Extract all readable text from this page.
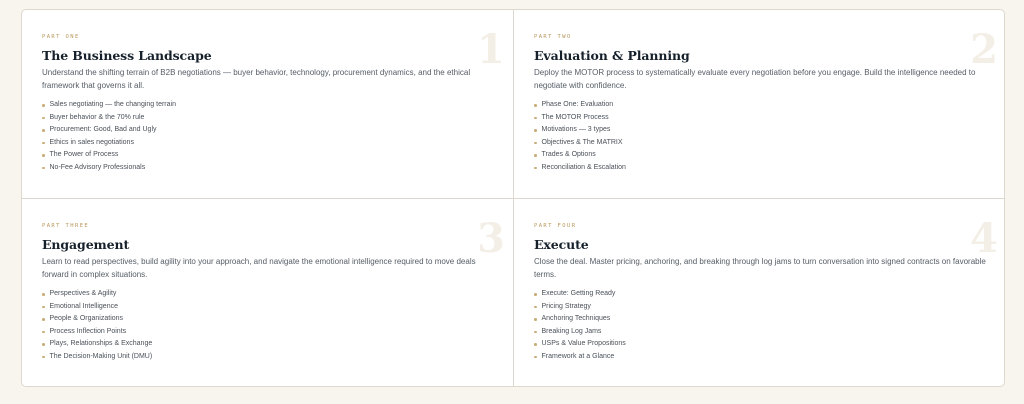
1
PART ONE
The Business Landscape
Understand the shifting terrain of B2B negotiations — buyer behavior, technology, procurement dynamics, and the ethical framework that governs it all.
Sales negotiating — the changing terrain
Buyer behavior & the 70% rule
Procurement: Good, Bad and Ugly
Ethics in sales negotiations
The Power of Process
No-Fee Advisory Professionals
2
PART TWO
Evaluation & Planning
Deploy the MOTOR process to systematically evaluate every negotiation before you engage. Build the intelligence needed to negotiate with confidence.
Phase One: Evaluation
The MOTOR Process
Motivations — 3 types
Objectives & The MATRIX
Trades & Options
Reconciliation & Escalation
3
PART THREE
Engagement
Learn to read perspectives, build agility into your approach, and navigate the emotional intelligence required to move deals forward in complex situations.
Perspectives & Agility
Emotional Intelligence
People & Organizations
Process Inflection Points
Plays, Relationships & Exchange
The Decision-Making Unit (DMU)
4
PART FOUR
Execute
Close the deal. Master pricing, anchoring, and breaking through log jams to turn conversation into signed contracts on favorable terms.
Execute: Getting Ready
Pricing Strategy
Anchoring Techniques
Breaking Log Jams
USPs & Value Propositions
Framework at a Glance
